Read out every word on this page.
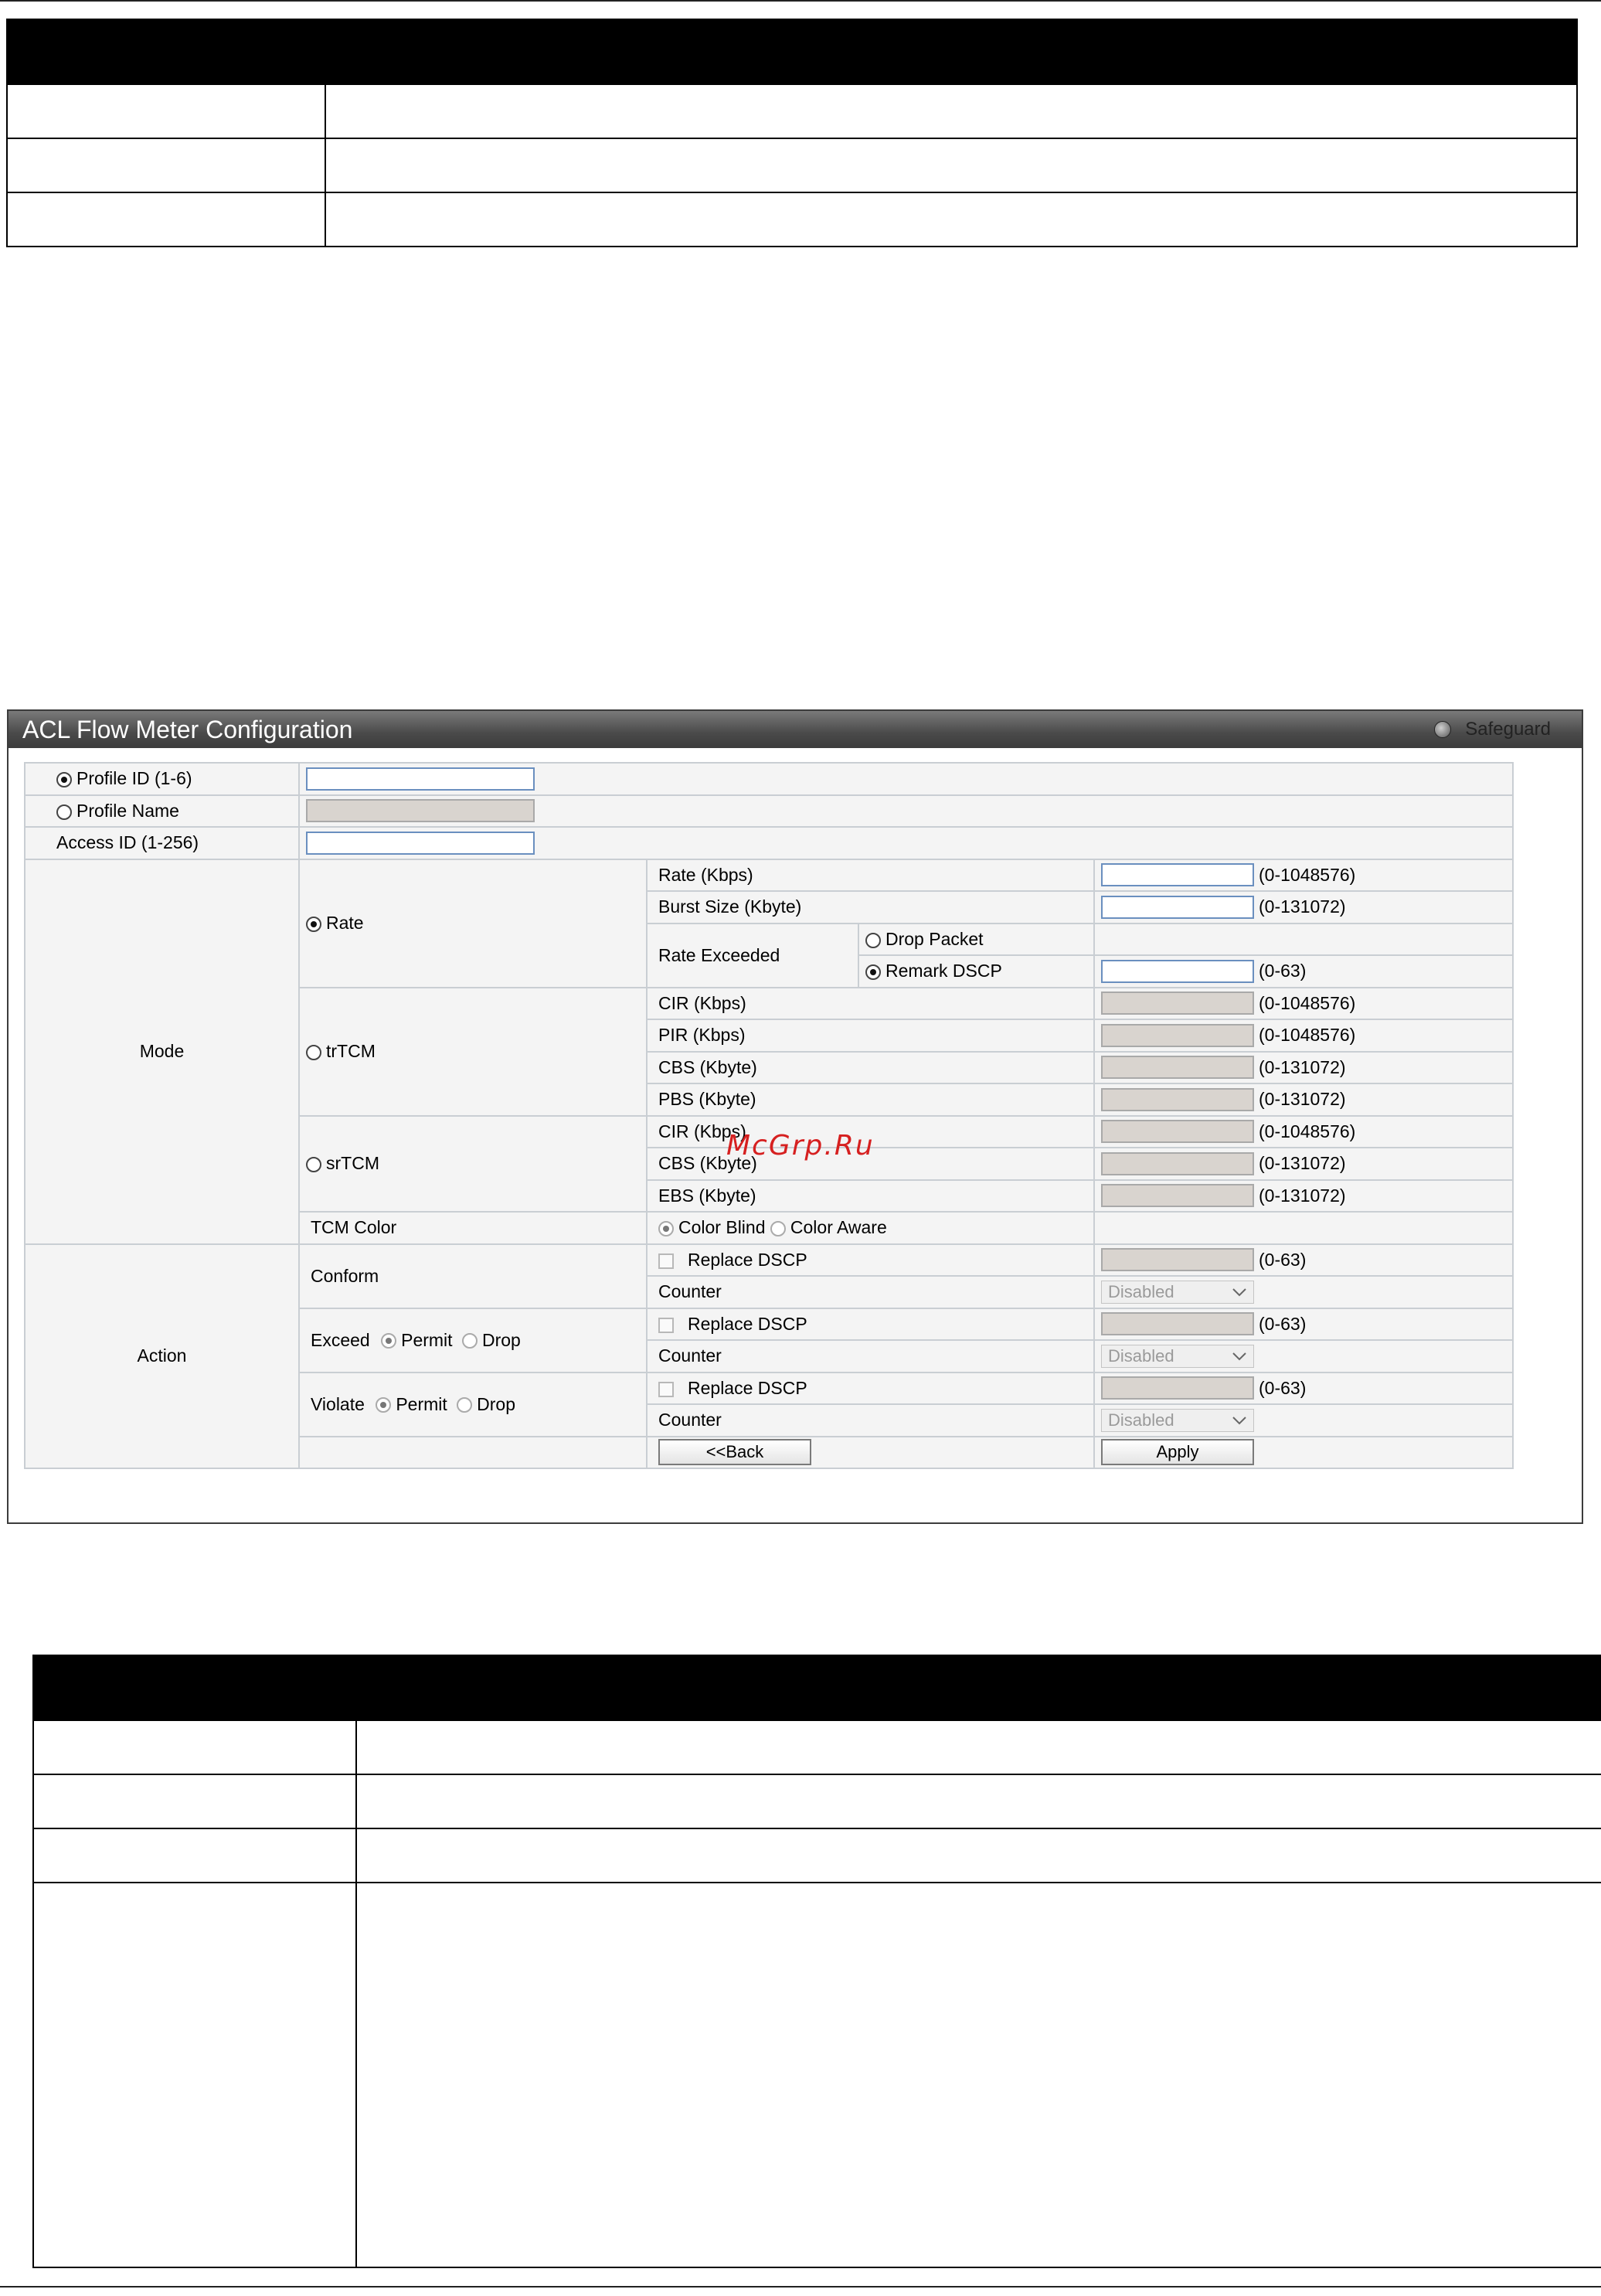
ACL Flow Meter Configuration	Safeguard
Profile ID (1-6)				
Profile Name				
Access ID (1-256)				
Mode	Rate	Rate (Kbps)		(0-1048576)
		Burst Size (Kbyte)		(0-131072)
		Rate Exceeded	Drop Packet	
			Remark DSCP	(0-63)
	trTCM	CIR (Kbps)		(0-1048576)
		PIR (Kbps)		(0-1048576)
		CBS (Kbyte)		(0-131072)
		PBS (Kbyte)		(0-131072)
	srTCM	CIR (Kbps)		(0-1048576)
		CBS (Kbyte)		(0-131072)
		EBS (Kbyte)		(0-131072)
	TCM Color	Color Blind Color Aware		
Action	Conform	Replace DSCP		(0-63)
		Counter		Disabled

	Exceed Permit Drop	Replace DSCP		(0-63)
		Counter		Disabled

	Violate Permit Drop	Replace DSCP		(0-63)
		Counter		Disabled

		<<Back		Apply
McGrp.Ru
